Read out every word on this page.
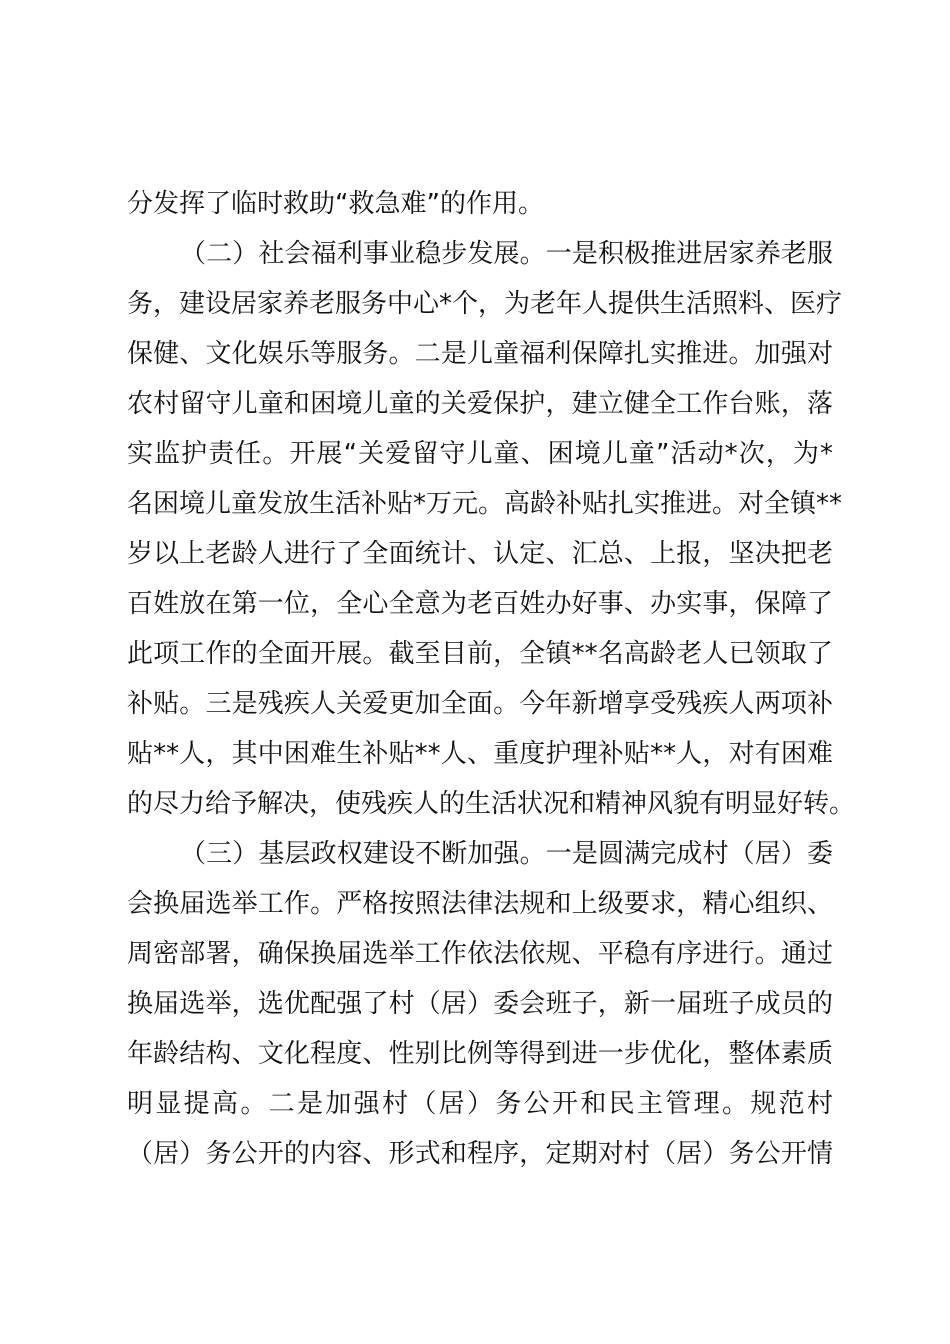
分发挥了临时救助“救急难”的作用。
（二）社会福利事业稳步发展。一是积极推进居家养老服
务，建设居家养老服务中心*个，为老年人提供生活照料、医疗
保健、文化娱乐等服务。二是儿童福利保障扎实推进。加强对
农村留守儿童和困境儿童的关爱保护，建立健全工作台账，落
实监护责任。开展“关爱留守儿童、困境儿童”活动*次，为*
名困境儿童发放生活补贴*万元。高龄补贴扎实推进。对全镇**
岁以上老龄人进行了全面统计、认定、汇总、上报，坚决把老
百姓放在第一位，全心全意为老百姓办好事、办实事，保障了
此项工作的全面开展。截至目前，全镇**名高龄老人已领取了
补贴。三是残疾人关爱更加全面。今年新增享受残疾人两项补
贴**人，其中困难生补贴**人、重度护理补贴**人，对有困难
的尽力给予解决，使残疾人的生活状况和精神风貌有明显好转。
（三）基层政权建设不断加强。一是圆满完成村（居）委
会换届选举工作。严格按照法律法规和上级要求，精心组织、
周密部署，确保换届选举工作依法依规、平稳有序进行。通过
换届选举，选优配强了村（居）委会班子，新一届班子成员的
年龄结构、文化程度、性别比例等得到进一步优化，整体素质
明显提高。二是加强村（居）务公开和民主管理。规范村
（居）务公开的内容、形式和程序，定期对村（居）务公开情
